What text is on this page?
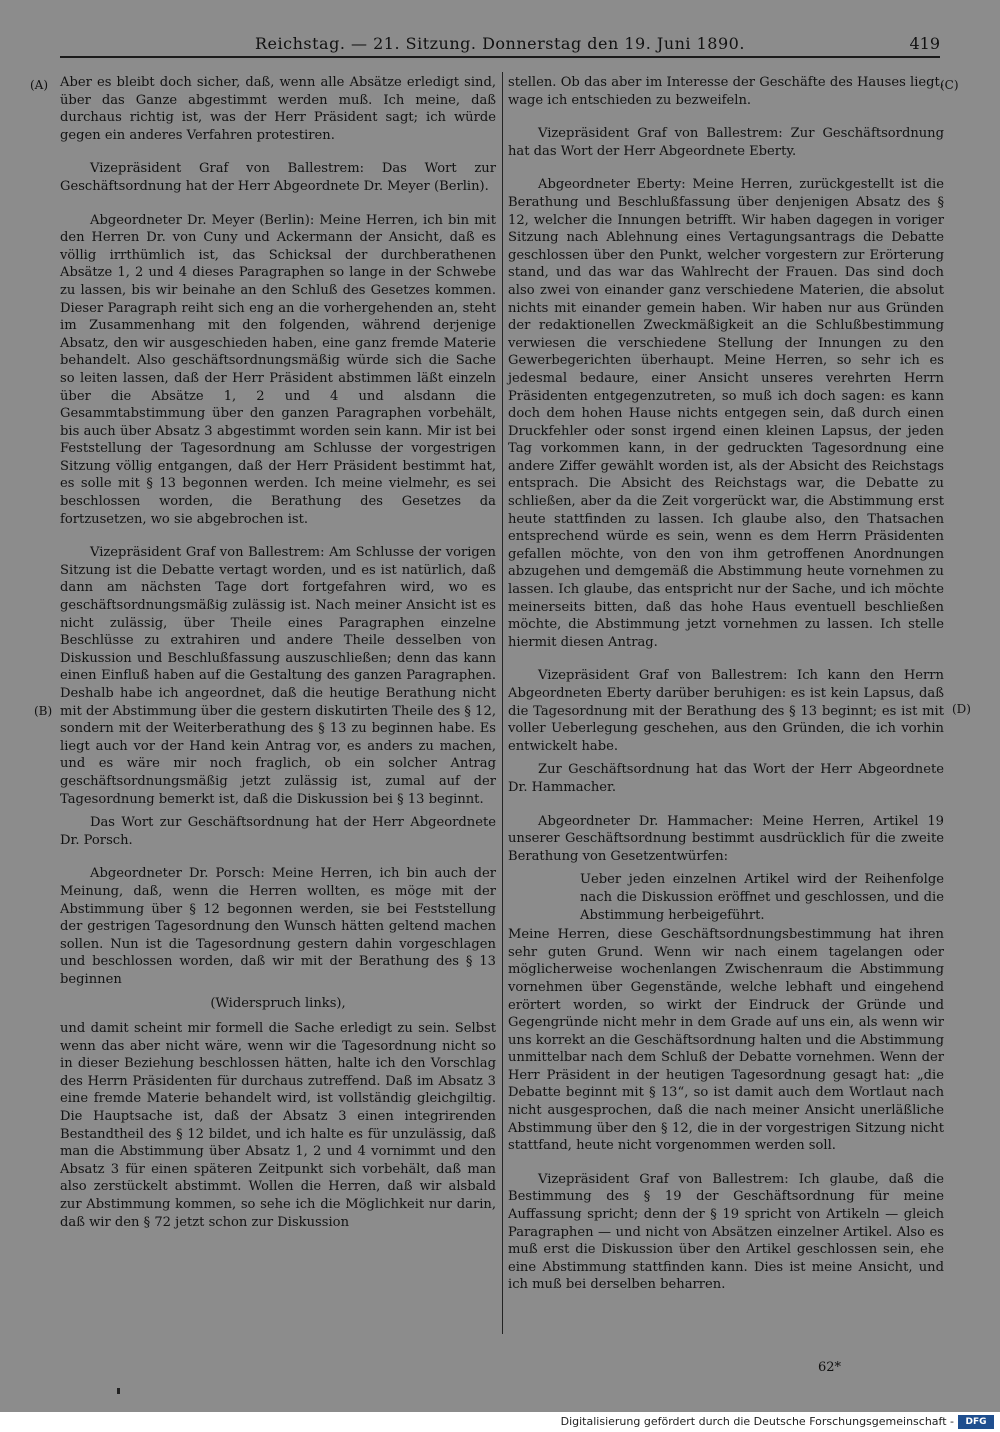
Reichstag. — 21. Sitzung. Donnerstag den 19. Juni 1890.	419
(A)
(B)
(C)
(D)

Aber es bleibt doch sicher, daß, wenn alle Absätze erledigt sind, über das Ganze abgestimmt werden muß. Ich meine, daß durchaus richtig ist, was der Herr Präsident sagt; ich würde gegen ein anderes Verfahren protestiren.

Vizepräsident Graf von Ballestrem: Das Wort zur Geschäftsordnung hat der Herr Abgeordnete Dr. Meyer (Berlin).

Abgeordneter Dr. Meyer (Berlin): Meine Herren, ich bin mit den Herren Dr. von Cuny und Ackermann der Ansicht, daß es völlig irrthümlich ist, das Schicksal der durchberathenen Absätze 1, 2 und 4 dieses Paragraphen so lange in der Schwebe zu lassen, bis wir beinahe an den Schluß des Gesetzes kommen. Dieser Paragraph reiht sich eng an die vorhergehenden an, steht im Zusammenhang mit den folgenden, während derjenige Absatz, den wir ausgeschieden haben, eine ganz fremde Materie behandelt. Also geschäftsordnungsmäßig würde sich die Sache so leiten lassen, daß der Herr Präsident abstimmen läßt einzeln über die Absätze 1, 2 und 4 und alsdann die Gesammtabstimmung über den ganzen Paragraphen vorbehält, bis auch über Absatz 3 abgestimmt worden sein kann. Mir ist bei Feststellung der Tagesordnung am Schlusse der vorgestrigen Sitzung völlig entgangen, daß der Herr Präsident bestimmt hat, es solle mit § 13 begonnen werden. Ich meine vielmehr, es sei beschlossen worden, die Berathung des Gesetzes da fortzusetzen, wo sie abgebrochen ist.

Vizepräsident Graf von Ballestrem: Am Schlusse der vorigen Sitzung ist die Debatte vertagt worden, und es ist natürlich, daß dann am nächsten Tage dort fortgefahren wird, wo es geschäftsordnungsmäßig zulässig ist. Nach meiner Ansicht ist es nicht zulässig, über Theile eines Paragraphen einzelne Beschlüsse zu extrahiren und andere Theile desselben von Diskussion und Beschlußfassung auszuschließen; denn das kann einen Einfluß haben auf die Gestaltung des ganzen Paragraphen. Deshalb habe ich angeordnet, daß die heutige Berathung nicht mit der Abstimmung über die gestern diskutirten Theile des § 12, sondern mit der Weiterberathung des § 13 zu beginnen habe. Es liegt auch vor der Hand kein Antrag vor, es anders zu machen, und es wäre mir noch fraglich, ob ein solcher Antrag geschäftsordnungsmäßig jetzt zulässig ist, zumal auf der Tagesordnung bemerkt ist, daß die Diskussion bei § 13 beginnt.

Das Wort zur Geschäftsordnung hat der Herr Abgeordnete Dr. Porsch.

Abgeordneter Dr. Porsch: Meine Herren, ich bin auch der Meinung, daß, wenn die Herren wollten, es möge mit der Abstimmung über § 12 begonnen werden, sie bei Feststellung der gestrigen Tagesordnung den Wunsch hätten geltend machen sollen. Nun ist die Tagesordnung gestern dahin vorgeschlagen und beschlossen worden, daß wir mit der Berathung des § 13 beginnen

(Widerspruch links),

und damit scheint mir formell die Sache erledigt zu sein. Selbst wenn das aber nicht wäre, wenn wir die Tagesordnung nicht so in dieser Beziehung beschlossen hätten, halte ich den Vorschlag des Herrn Präsidenten für durchaus zutreffend. Daß im Absatz 3 eine fremde Materie behandelt wird, ist vollständig gleichgiltig. Die Hauptsache ist, daß der Absatz 3 einen integrirenden Bestandtheil des § 12 bildet, und ich halte es für unzulässig, daß man die Abstimmung über Absatz 1, 2 und 4 vornimmt und den Absatz 3 für einen späteren Zeitpunkt sich vorbehält, daß man also zerstückelt abstimmt. Wollen die Herren, daß wir alsbald zur Abstimmung kommen, so sehe ich die Möglichkeit nur darin, daß wir den § 72 jetzt schon zur Diskussion

stellen. Ob das aber im Interesse der Geschäfte des Hauses liegt, wage ich entschieden zu bezweifeln.

Vizepräsident Graf von Ballestrem: Zur Geschäftsordnung hat das Wort der Herr Abgeordnete Eberty.

Abgeordneter Eberty: Meine Herren, zurückgestellt ist die Berathung und Beschlußfassung über denjenigen Absatz des § 12, welcher die Innungen betrifft. Wir haben dagegen in voriger Sitzung nach Ablehnung eines Vertagungsantrags die Debatte geschlossen über den Punkt, welcher vorgestern zur Erörterung stand, und das war das Wahlrecht der Frauen. Das sind doch also zwei von einander ganz verschiedene Materien, die absolut nichts mit einander gemein haben. Wir haben nur aus Gründen der redaktionellen Zweckmäßigkeit an die Schlußbestimmung verwiesen die verschiedene Stellung der Innungen zu den Gewerbegerichten überhaupt. Meine Herren, so sehr ich es jedesmal bedaure, einer Ansicht unseres verehrten Herrn Präsidenten entgegenzutreten, so muß ich doch sagen: es kann doch dem hohen Hause nichts entgegen sein, daß durch einen Druckfehler oder sonst irgend einen kleinen Lapsus, der jeden Tag vorkommen kann, in der gedruckten Tagesordnung eine andere Ziffer gewählt worden ist, als der Absicht des Reichstags entsprach. Die Absicht des Reichstags war, die Debatte zu schließen, aber da die Zeit vorgerückt war, die Abstimmung erst heute stattfinden zu lassen. Ich glaube also, den Thatsachen entsprechend würde es sein, wenn es dem Herrn Präsidenten gefallen möchte, von den von ihm getroffenen Anordnungen abzugehen und demgemäß die Abstimmung heute vornehmen zu lassen. Ich glaube, das entspricht nur der Sache, und ich möchte meinerseits bitten, daß das hohe Haus eventuell beschließen möchte, die Abstimmung jetzt vornehmen zu lassen. Ich stelle hiermit diesen Antrag.

Vizepräsident Graf von Ballestrem: Ich kann den Herrn Abgeordneten Eberty darüber beruhigen: es ist kein Lapsus, daß die Tagesordnung mit der Berathung des § 13 beginnt; es ist mit voller Ueberlegung geschehen, aus den Gründen, die ich vorhin entwickelt habe.

Zur Geschäftsordnung hat das Wort der Herr Abgeordnete Dr. Hammacher.

Abgeordneter Dr. Hammacher: Meine Herren, Artikel 19 unserer Geschäftsordnung bestimmt ausdrücklich für die zweite Berathung von Gesetzentwürfen:

Ueber jeden einzelnen Artikel wird der Reihenfolge nach die Diskussion eröffnet und geschlossen, und die Abstimmung herbeigeführt.

Meine Herren, diese Geschäftsordnungsbestimmung hat ihren sehr guten Grund. Wenn wir nach einem tagelangen oder möglicherweise wochenlangen Zwischenraum die Abstimmung vornehmen über Gegenstände, welche lebhaft und eingehend erörtert worden, so wirkt der Eindruck der Gründe und Gegengründe nicht mehr in dem Grade auf uns ein, als wenn wir uns korrekt an die Geschäftsordnung halten und die Abstimmung unmittelbar nach dem Schluß der Debatte vornehmen. Wenn der Herr Präsident in der heutigen Tagesordnung gesagt hat: „die Debatte beginnt mit § 13“, so ist damit auch dem Wortlaut nach nicht ausgesprochen, daß die nach meiner Ansicht unerläßliche Abstimmung über den § 12, die in der vorgestrigen Sitzung nicht stattfand, heute nicht vorgenommen werden soll.

Vizepräsident Graf von Ballestrem: Ich glaube, daß die Bestimmung des § 19 der Geschäftsordnung für meine Auffassung spricht; denn der § 19 spricht von Artikeln — gleich Paragraphen — und nicht von Absätzen einzelner Artikel. Also es muß erst die Diskussion über den Artikel geschlossen sein, ehe eine Abstimmung stattfinden kann. Dies ist meine Ansicht, und ich muß bei derselben beharren.

62*
Digitalisierung gefördert durch die Deutsche Forschungsgemeinschaft -	DFG
